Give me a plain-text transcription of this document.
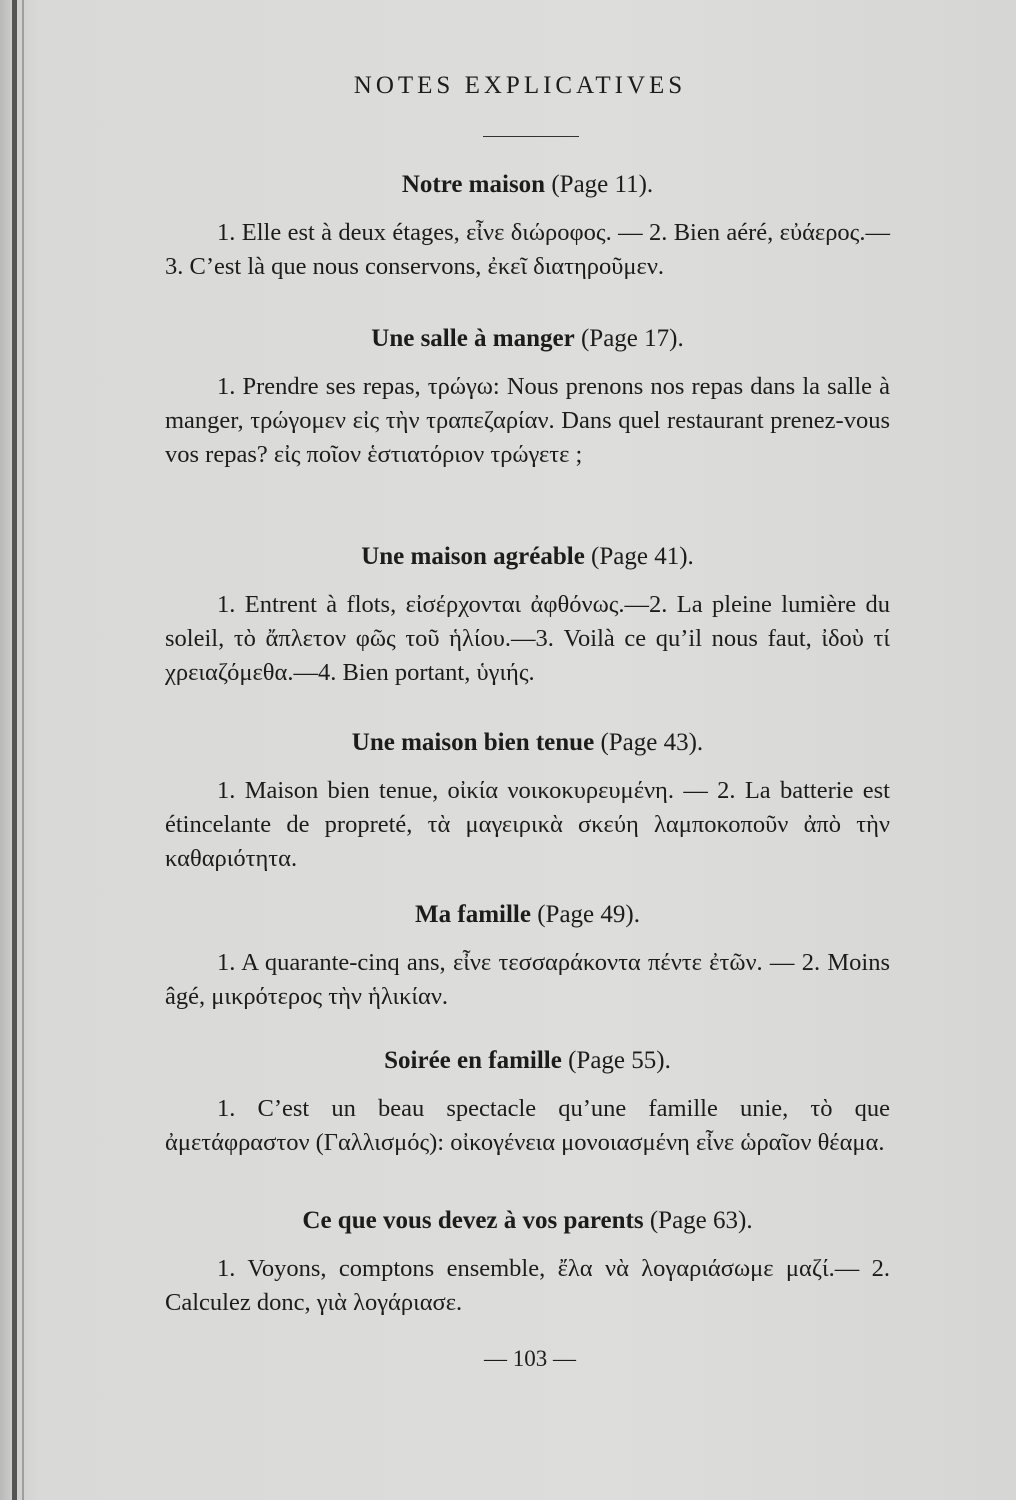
NOTES EXPLICATIVES
Notre maison (Page 11).

1. Elle est à deux étages, εἶνε διώροφος. — 2. Bien aéré, εὐάερος.— 3. C’est là que nous conservons, ἐκεῖ διατηροῦμεν.

Une salle à manger (Page 17).

1. Prendre ses repas, τρώγω: Nous prenons nos repas dans la salle à manger, τρώγομεν εἰς τὴν τραπεζαρίαν. Dans quel restaurant prenez-vous vos repas? εἰς ποῖον ἑστιατόριον τρώγετε ;

Une maison agréable (Page 41).

1. Entrent à flots, εἰσέρχονται ἀφθόνως.—2. La pleine lumière du soleil, τὸ ἄπλετον φῶς τοῦ ἡλίου.—3. Voilà ce qu’il nous faut, ἰδοὺ τί χρειαζόμεθα.—4. Bien portant, ὑγιής.

Une maison bien tenue (Page 43).

1. Maison bien tenue, οἰκία νοικοκυρευμένη. — 2. La batterie est étincelante de propreté, τὰ μαγειρικὰ σκεύη λαμποκοποῦν ἀπὸ τὴν καθαριότητα.

Ma famille (Page 49).

1. A quarante-cinq ans, εἶνε τεσσαράκοντα πέντε ἐτῶν. — 2. Moins âgé, μικρότερος τὴν ἡλικίαν.

Soirée en famille (Page 55).

1. C’est un beau spectacle qu’une famille unie, τὸ que ἀμετάφραστον (Γαλλισμός): οἰκογένεια μονοιασμένη εἶνε ὡραῖον θέαμα.

Ce que vous devez à vos parents (Page 63).

1. Voyons, comptons ensemble, ἔλα νὰ λογαριάσωμε μαζί.— 2. Calculez donc, γιὰ λογάριασε.

— 103 —
